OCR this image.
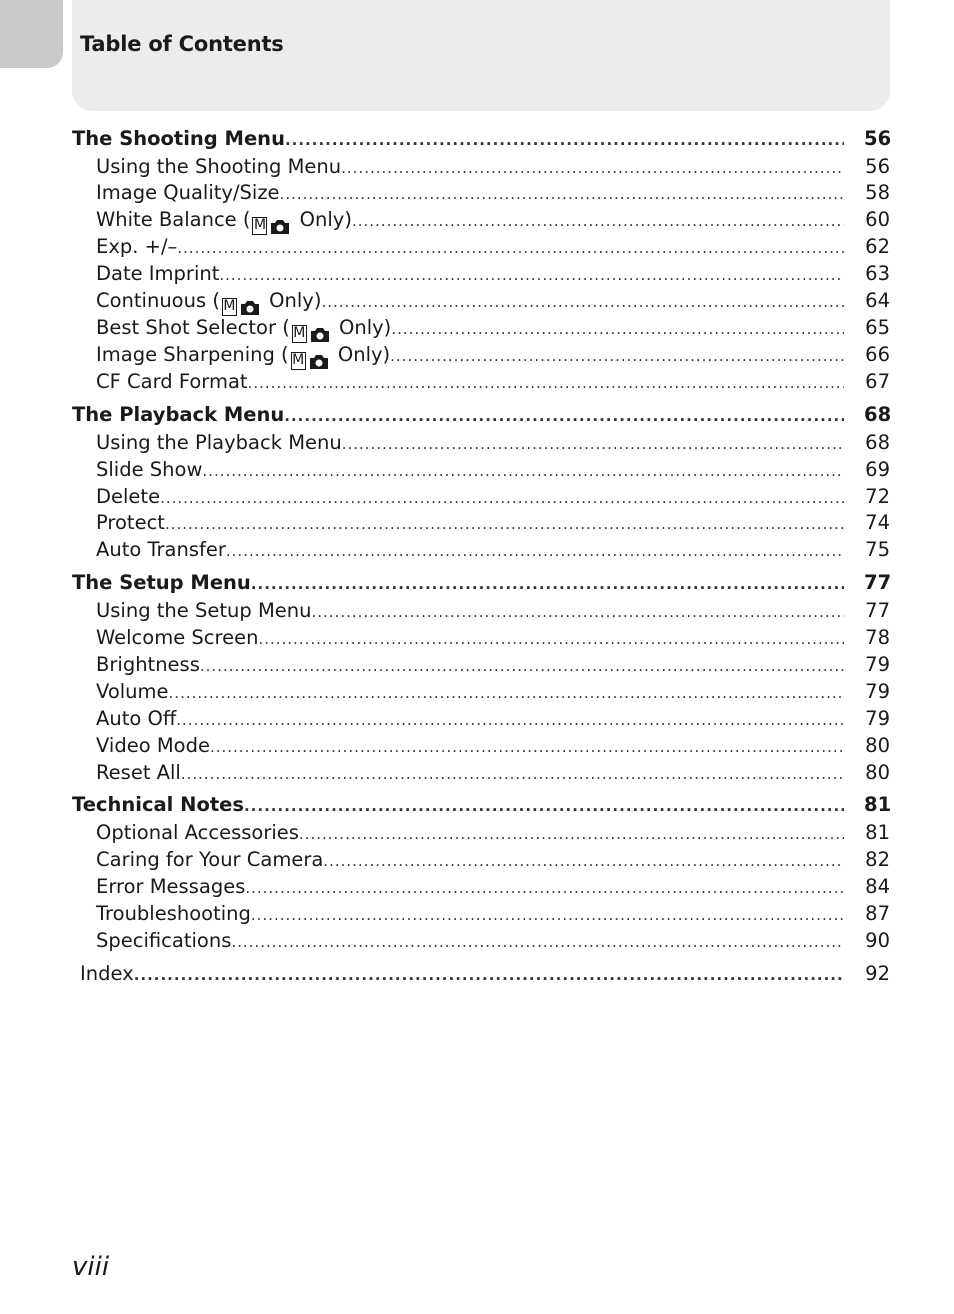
Table of Contents
The Shooting Menu .....	56
Using the Shooting Menu .....	56
Image Quality/Size .....	58
White Balance ( M Only) .....	60
Exp. +/– .....	62
Date Imprint .....	63
Continuous ( M Only) .....	64
Best Shot Selector ( M Only) .....	65
Image Sharpening ( M Only) .....	66
CF Card Format .....	67
The Playback Menu .....	68
Using the Playback Menu .....	68
Slide Show .....	69
Delete .....	72
Protect .....	74
Auto Transfer .....	75
The Setup Menu .....	77
Using the Setup Menu .....	77
Welcome Screen .....	78
Brightness .....	79
Volume .....	79
Auto Off .....	79
Video Mode .....	80
Reset All .....	80
Technical Notes .....	81
Optional Accessories .....	81
Caring for Your Camera .....	82
Error Messages .....	84
Troubleshooting .....	87
Specifications .....	90
Index .....	92
viii
